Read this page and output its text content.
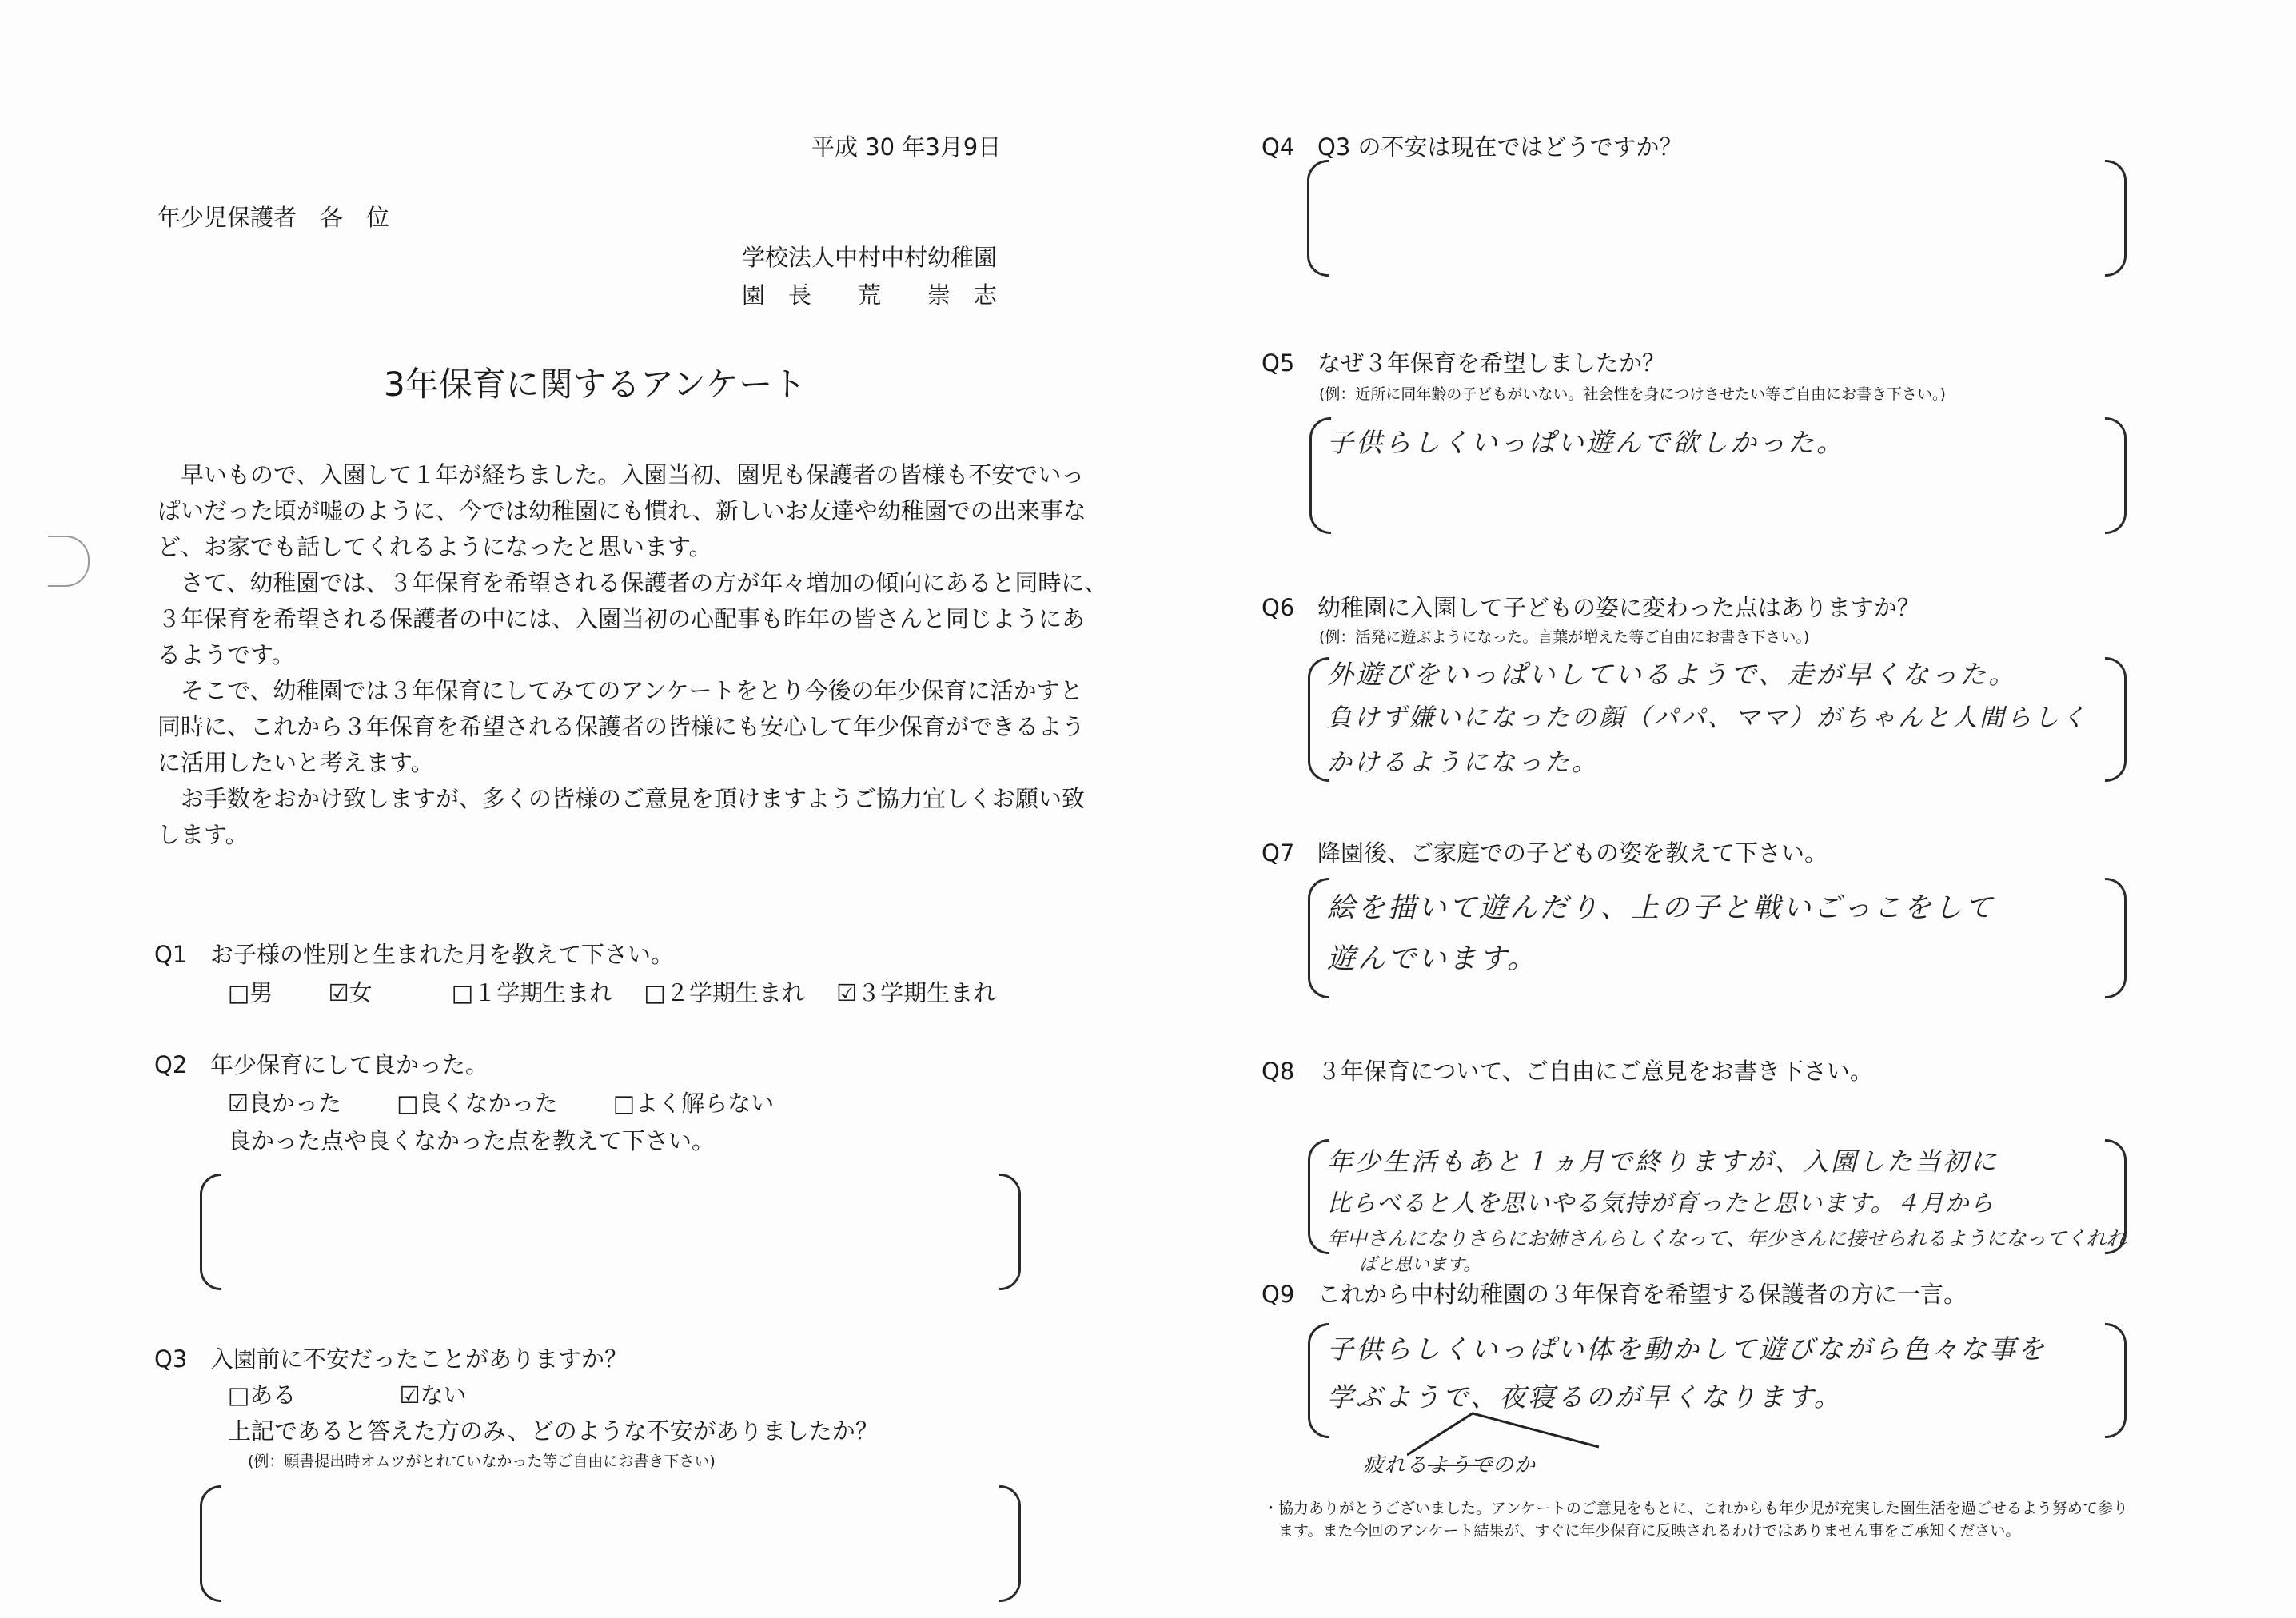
平成 30 年3月9日
年少児保護者　各　位
学校法人中村中村幼稚園
園　長　　荒　　崇　志
3年保育に関するアンケート
　早いもので、入園して１年が経ちました。入園当初、園児も保護者の皆様も不安でいっ
ぱいだった頃が嘘のように、今では幼稚園にも慣れ、新しいお友達や幼稚園での出来事な
ど、お家でも話してくれるようになったと思います。
　さて、幼稚園では、３年保育を希望される保護者の方が年々増加の傾向にあると同時に、
３年保育を希望される保護者の中には、入園当初の心配事も昨年の皆さんと同じようにあ
るようです。
　そこで、幼稚園では３年保育にしてみてのアンケートをとり今後の年少保育に活かすと
同時に、これから３年保育を希望される保護者の皆様にも安心して年少保育ができるよう
に活用したいと考えます。
　お手数をおかけ致しますが、多くの皆様のご意見を頂けますようご協力宜しくお願い致
します。
Q1 お子様の性別と生まれた月を教えて下さい。
□男 ☑女	□１学期生まれ □２学期生まれ ☑３学期生まれ
Q2 年少保育にして良かった。
☑良かった □良くなかった □よく解らない
良かった点や良くなかった点を教えて下さい。
Q3 入園前に不安だったことがありますか？
□ある	☑ない
上記であると答えた方のみ、どのような不安がありましたか？
(例：願書提出時オムツがとれていなかった等ご自由にお書き下さい)
Q4 Q3 の不安は現在ではどうですか？
Q5 なぜ３年保育を希望しましたか？
(例：近所に同年齢の子どもがいない。社会性を身につけさせたい等ご自由にお書き下さい。)
子供らしくいっぱい遊んで欲しかった。
Q6 幼稚園に入園して子どもの姿に変わった点はありますか？
(例：活発に遊ぶようになった。言葉が増えた等ご自由にお書き下さい。)
外遊びをいっぱいしているようで、走が早くなった。
負けず嫌いになったの顔（パパ、ママ）がちゃんと人間らしく
かけるようになった。
Q7 降園後、ご家庭での子どもの姿を教えて下さい。
絵を描いて遊んだり、上の子と戦いごっこをして
遊んでいます。
Q8 ３年保育について、ご自由にご意見をお書き下さい。
年少生活もあと１ヵ月で終りますが、入園した当初に
比らべると人を思いやる気持が育ったと思います。４月から
年中さんになりさらにお姉さんらしくなって、年少さんに接せられるようになってくれれ
ばと思います。
Q9 これから中村幼稚園の３年保育を希望する保護者の方に一言。
子供らしくいっぱい体を動かして遊びながら色々な事を
学ぶようで、夜寝るのが早くなります。
疲れるようでのか
・協力ありがとうございました。アンケートのご意見をもとに、これからも年少児が充実した園生活を過ごせるよう努めて参り
　ます。また今回のアンケート結果が、すぐに年少保育に反映されるわけではありません事をご承知ください。
